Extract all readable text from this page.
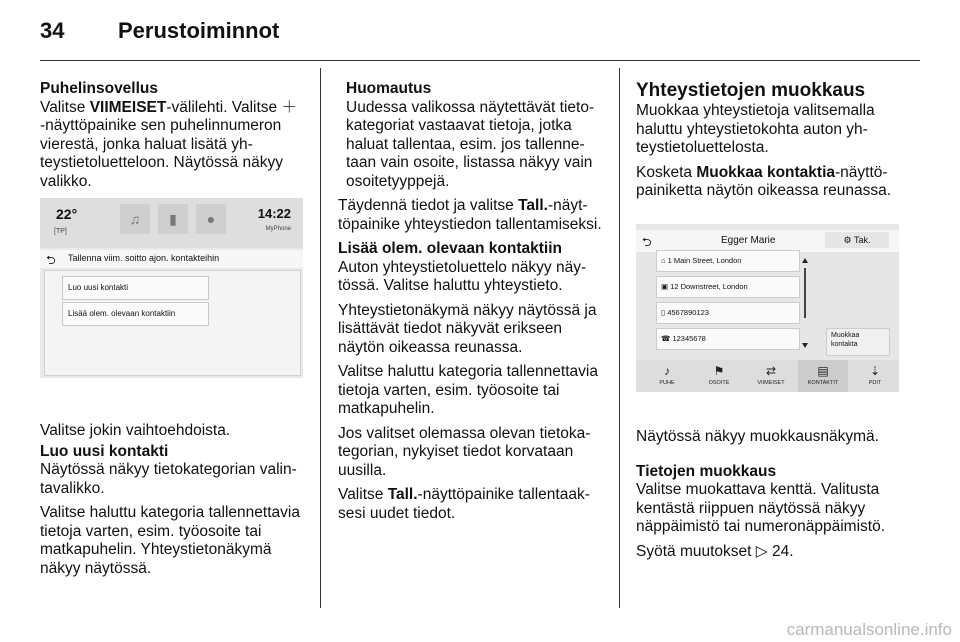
34 Perustoiminnot

Puhelinsovellus

Valitse VIIMEISET-välilehti. Valitse ＋ -näyttöpainike sen puhelinnumeron vierestä, jonka haluat lisätä yhteystietoluetteloon. Näytössä näkyy valikko.

22°
[TP]
♫	▮	●	14:22
MyPhone
⮌ Tallenna viim. soitto ajon. kontakteihin
Luo uusi kontakti
Lisää olem. olevaan kontaktiin

Valitse jokin vaihtoehdoista.

Luo uusi kontakti

Näytössä näkyy tietokategorian valintavalikko.

Valitse haluttu kategoria tallennettavia tietoja varten, esim. työosoite tai matkapuhelin. Yhteystietonäkymä näkyy näytössä.

Huomautus

Uudessa valikossa näytettävät tietokategoriat vastaavat tietoja, jotka haluat tallentaa, esim. jos tallennetaan vain osoite, listassa näkyy vain osoitetyyppejä.

Täydennä tiedot ja valitse Tall.-näyttöpainike yhteystiedon tallentamiseksi.

Lisää olem. olevaan kontaktiin

Auton yhteystietoluettelo näkyy näytössä. Valitse haluttu yhteystieto.

Yhteystietonäkymä näkyy näytössä ja lisättävät tiedot näkyvät erikseen näytön oikeassa reunassa.

Valitse haluttu kategoria tallennettavia tietoja varten, esim. työosoite tai matkapuhelin.

Jos valitset olemassa olevan tietokategorian, nykyiset tiedot korvataan uusilla.

Valitse Tall.-näyttöpainike tallentaaksesi uudet tiedot.

Yhteystietojen muokkaus

Muokkaa yhteystietoja valitsemalla haluttu yhteystietokohta auton yhteystietoluettelosta.

Kosketa Muokkaa kontaktia-näyttöpainiketta näytön oikeassa reunassa.

⮌	Egger Marie	⚙ Tak.
⌂ 1 Main Street, London
▣ 12 Downstreet, London
▯ 4567890123
☎ 12345678	Muokkaa kontakta
♪
PUHE
⚑
OSOITE
⇄
VIIMEISET
▤
KONTAKTIT
⇣
PDIT

Näytössä näkyy muokkausnäkymä.

Tietojen muokkaus

Valitse muokattava kenttä. Valitusta kentästä riippuen näytössä näkyy näppäimistö tai numeronäppäimistö.

Syötä muutokset ▷ 24.

carmanualsonline.info
